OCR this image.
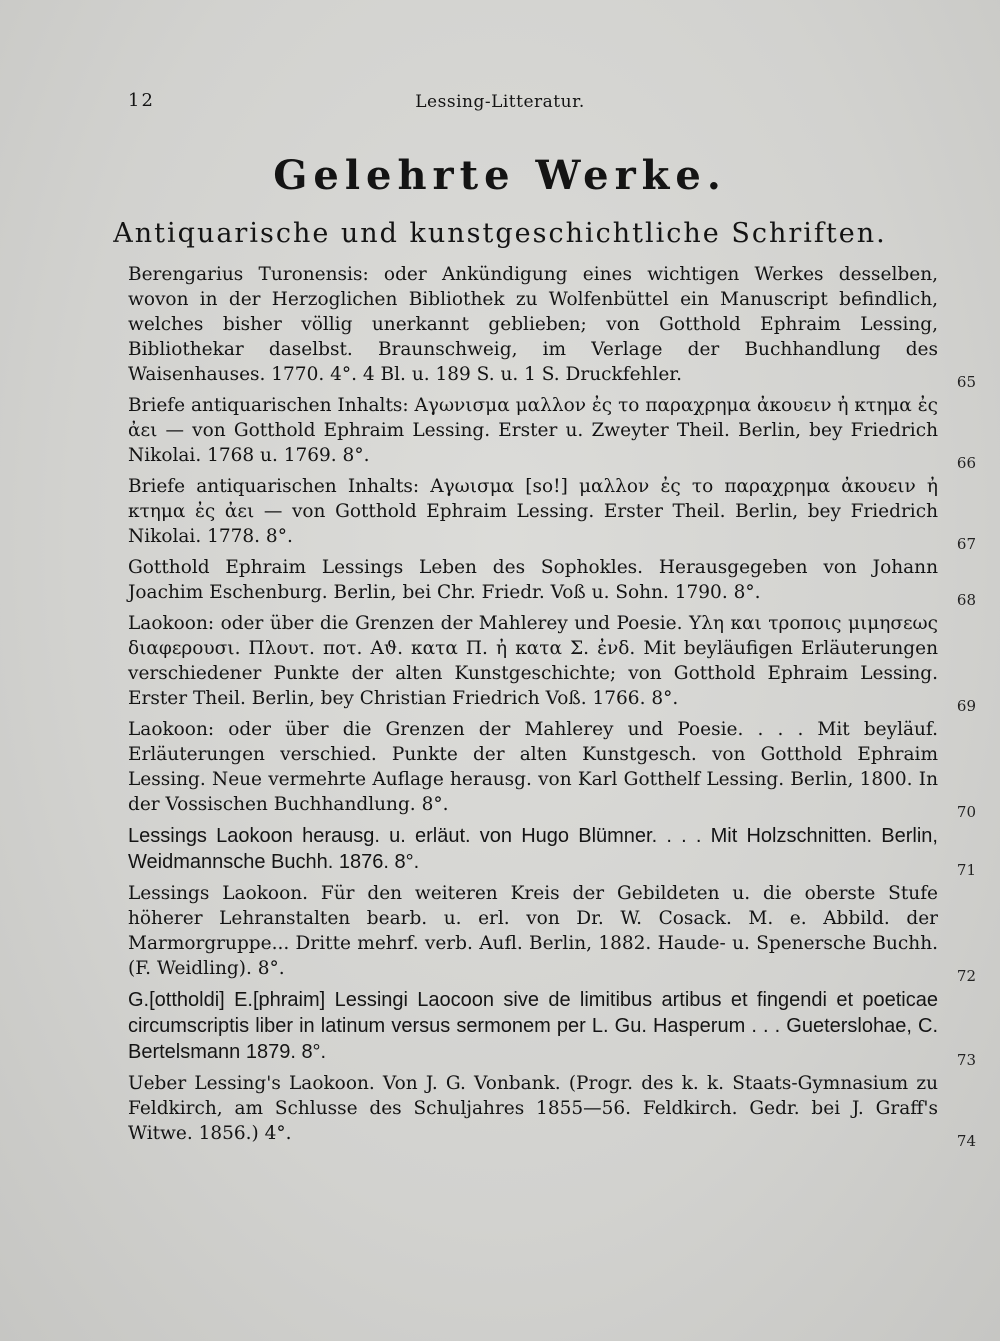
12	Lessing-Litteratur.
Gelehrte Werke.
Antiquarische und kunstgeschichtliche Schriften.
Berengarius Turonensis: oder Ankündigung eines wichtigen Werkes desselben, wovon in der Herzoglichen Bibliothek zu Wolfenbüttel ein Manuscript befindlich, welches bisher völlig unerkannt geblieben; von Gotthold Ephraim Lessing, Bibliothekar daselbst. Braunschweig, im Verlage der Buchhandlung des Waisenhauses. 1770. 4°. 4 Bl. u. 189 S. u. 1 S. Druckfehler.	65
Briefe antiquarischen Inhalts: Αγωνισμα μαλλον ἐς το παραχρημα ἀκουειν ἠ κτημα ἐς ἀει — von Gotthold Ephraim Lessing. Erster u. Zweyter Theil. Berlin, bey Friedrich Nikolai. 1768 u. 1769. 8°.	66
Briefe antiquarischen Inhalts: Αγωισμα [so!] μαλλον ἐς το παραχρημα ἀκουειν ἠ κτημα ἐς ἀει — von Gotthold Ephraim Lessing. Erster Theil. Berlin, bey Friedrich Nikolai. 1778. 8°.	67
Gotthold Ephraim Lessings Leben des Sophokles. Herausgegeben von Johann Joachim Eschenburg. Berlin, bei Chr. Friedr. Voß u. Sohn. 1790. 8°.	68
Laokoon: oder über die Grenzen der Mahlerey und Poesie. Υλη και τροποις μιμησεως διαφερουσι. Πλουτ. ποτ. Αϑ. κατα Π. ἠ κατα Σ. ἐνδ. Mit beyläufigen Erläuterungen verschiedener Punkte der alten Kunstgeschichte; von Gotthold Ephraim Lessing. Erster Theil. Berlin, bey Christian Friedrich Voß. 1766. 8°.	69
Laokoon: oder über die Grenzen der Mahlerey und Poesie. . . . Mit beyläuf. Erläuterungen verschied. Punkte der alten Kunstgesch. von Gotthold Ephraim Lessing. Neue vermehrte Auflage herausg. von Karl Gotthelf Lessing. Berlin, 1800. In der Vossischen Buchhandlung. 8°.	70
Lessings Laokoon herausg. u. erläut. von Hugo Blümner. . . . Mit Holzschnitten. Berlin, Weidmannsche Buchh. 1876. 8°.	71
Lessings Laokoon. Für den weiteren Kreis der Gebildeten u. die oberste Stufe höherer Lehranstalten bearb. u. erl. von Dr. W. Cosack. M. e. Abbild. der Marmorgruppe... Dritte mehrf. verb. Aufl. Berlin, 1882. Haude- u. Spenersche Buchh. (F. Weidling). 8°.	72
G.[ottholdi] E.[phraim] Lessingi Laocoon sive de limitibus artibus et fingendi et poeticae circumscriptis liber in latinum versus sermonem per L. Gu. Hasperum . . . Gueterslohae, C. Bertelsmann 1879. 8°.	73
Ueber Lessing's Laokoon. Von J. G. Vonbank. (Progr. des k. k. Staats-Gymnasium zu Feldkirch, am Schlusse des Schuljahres 1855—56. Feldkirch. Gedr. bei J. Graff's Witwe. 1856.) 4°.	74
